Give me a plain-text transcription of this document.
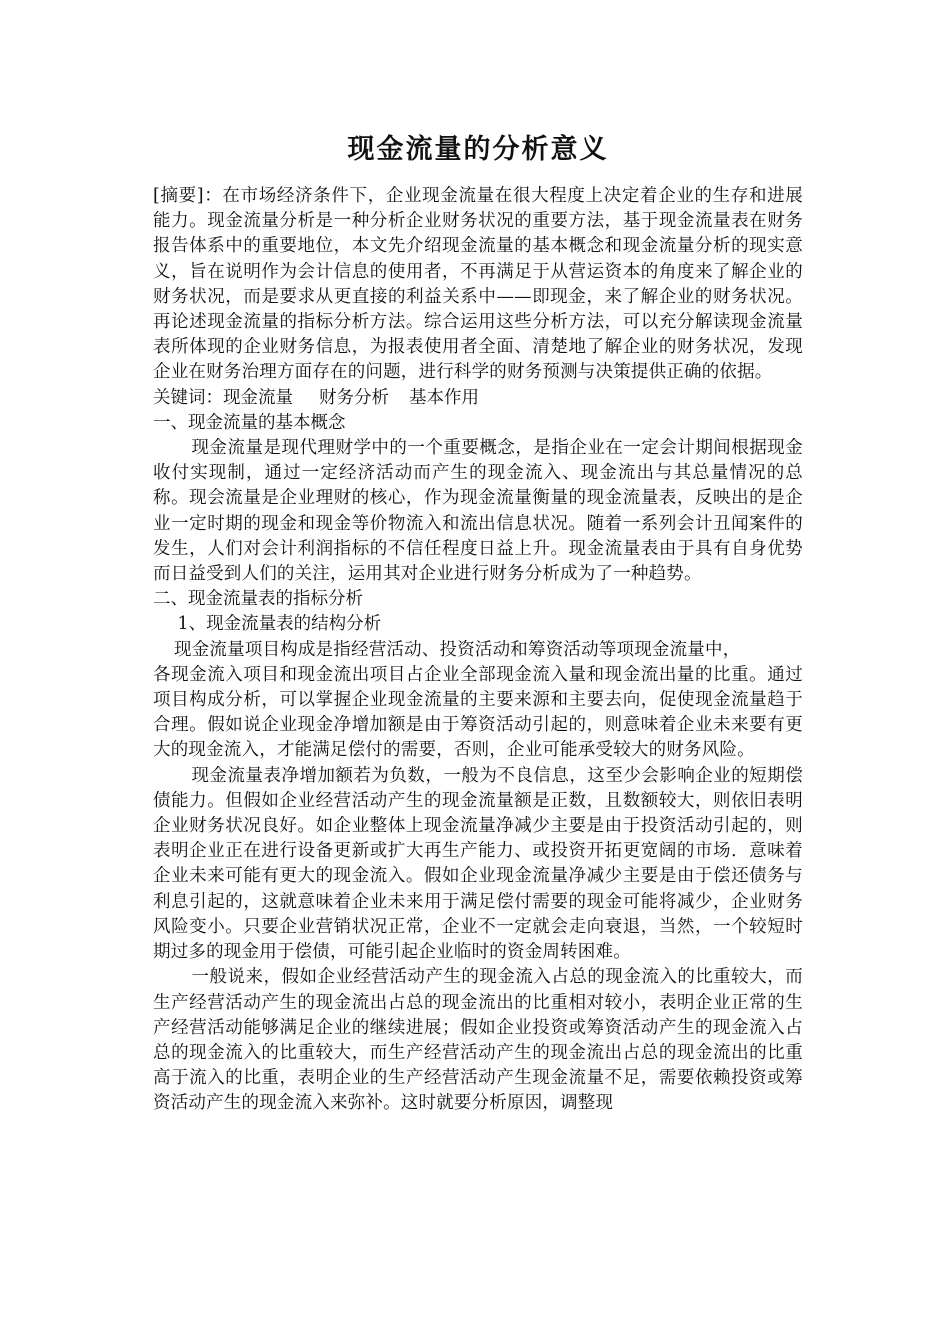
现金流量的分析意义

[摘要]：在市场经济条件下，企业现金流量在很大程度上决定着企业的生存和进展能力。现金流量分析是一种分析企业财务状况的重要方法，基于现金流量表在财务报告体系中的重要地位，本文先介绍现金流量的基本概念和现金流量分析的现实意义，旨在说明作为会计信息的使用者，不再满足于从营运资本的角度来了解企业的财务状况，而是要求从更直接的利益关系中——即现金，来了解企业的财务状况。再论述现金流量的指标分析方法。综合运用这些分析方法，可以充分解读现金流量表所体现的企业财务信息，为报表使用者全面、清楚地了解企业的财务状况，发现企业在财务治理方面存在的问题，进行科学的财务预测与决策提供正确的依据。

关键词：现金流量 财务分析 基本作用

一、现金流量的基本概念

现金流量是现代理财学中的一个重要概念，是指企业在一定会计期间根据现金收付实现制，通过一定经济活动而产生的现金流入、现金流出与其总量情况的总称。现会流量是企业理财的核心，作为现金流量衡量的现金流量表，反映出的是企业一定时期的现金和现金等价物流入和流出信息状况。随着一系列会计丑闻案件的发生，人们对会计利润指标的不信任程度日益上升。现金流量表由于具有自身优势而日益受到人们的关注，运用其对企业进行财务分析成为了一种趋势。

二、现金流量表的指标分析

1、现金流量表的结构分析

现金流量项目构成是指经营活动、投资活动和筹资活动等项现金流量中，

各现金流入项目和现金流出项目占企业全部现金流入量和现金流出量的比重。通过项目构成分析，可以掌握企业现金流量的主要来源和主要去向，促使现金流量趋于合理。假如说企业现金净增加额是由于筹资活动引起的，则意味着企业未来要有更大的现金流入，才能满足偿付的需要，否则，企业可能承受较大的财务风险。

现金流量表净增加额若为负数，一般为不良信息，这至少会影响企业的短期偿债能力。但假如企业经营活动产生的现金流量额是正数，且数额较大，则依旧表明企业财务状况良好。如企业整体上现金流量净减少主要是由于投资活动引起的，则表明企业正在进行设备更新或扩大再生产能力、或投资开拓更宽阔的市场．意味着企业未来可能有更大的现金流入。假如企业现金流量净减少主要是由于偿还债务与利息引起的，这就意味着企业未来用于满足偿付需要的现金可能将减少，企业财务风险变小。只要企业营销状况正常，企业不一定就会走向衰退，当然，一个较短时期过多的现金用于偿债，可能引起企业临时的资金周转困难。

一般说来，假如企业经营活动产生的现金流入占总的现金流入的比重较大，而生产经营活动产生的现金流出占总的现金流出的比重相对较小，表明企业正常的生产经营活动能够满足企业的继续进展；假如企业投资或筹资活动产生的现金流入占总的现金流入的比重较大，而生产经营活动产生的现金流出占总的现金流出的比重高于流入的比重，表明企业的生产经营活动产生现金流量不足，需要依赖投资或筹资活动产生的现金流入来弥补。这时就要分析原因，调整现
